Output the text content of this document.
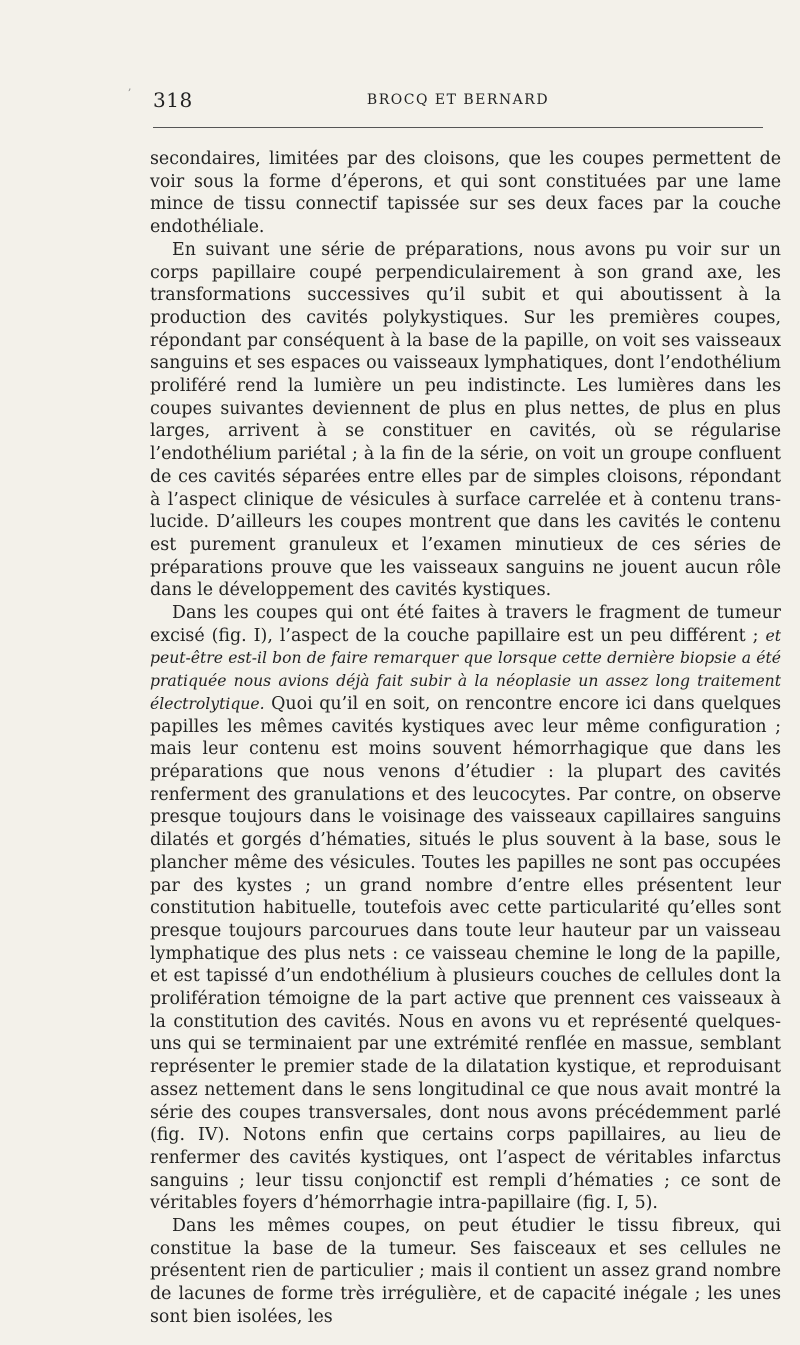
318	BROCQ ET BERNARD

secondaires, limitées par des cloisons, que les coupes permettent de voir sous la forme d’éperons, et qui sont constituées par une lame mince de tissu connectif tapissée sur ses deux faces par la couche endothéliale.

En suivant une série de préparations, nous avons pu voir sur un corps papillaire coupé perpendiculairement à son grand axe, les transformations successives qu’il subit et qui aboutissent à la production des cavités polykystiques. Sur les premières coupes, répondant par conséquent à la base de la papille, on voit ses vaisseaux sanguins et ses espaces ou vaisseaux lymphatiques, dont l’endothélium proliféré rend la lumière un peu indistincte. Les lumières dans les coupes suivantes deviennent de plus en plus nettes, de plus en plus larges, arrivent à se constituer en cavités, où se régularise l’endothélium pariétal ; à la fin de la série, on voit un groupe confluent de ces cavités séparées entre elles par de simples cloisons, répondant à l’aspect clinique de vésicules à surface carrelée et à contenu translucide. D’ailleurs les coupes montrent que dans les cavités le contenu est purement granuleux et l’examen minutieux de ces séries de préparations prouve que les vaisseaux sanguins ne jouent aucun rôle dans le développement des cavités kystiques.

Dans les coupes qui ont été faites à travers le fragment de tumeur excisé (fig. I), l’aspect de la couche papillaire est un peu différent ; et peut-être est-il bon de faire remarquer que lorsque cette dernière biopsie a été pratiquée nous avions déjà fait subir à la néoplasie un assez long traitement électrolytique. Quoi qu’il en soit, on rencontre encore ici dans quelques papilles les mêmes cavités kystiques avec leur même configuration ; mais leur contenu est moins souvent hémorrhagique que dans les préparations que nous venons d’étudier : la plupart des cavités renferment des granulations et des leucocytes. Par contre, on observe presque toujours dans le voisinage des vaisseaux capillaires sanguins dilatés et gorgés d’hématies, situés le plus souvent à la base, sous le plancher même des vésicules. Toutes les papilles ne sont pas occupées par des kystes ; un grand nombre d’entre elles présentent leur constitution habituelle, toutefois avec cette particularité qu’elles sont presque toujours parcourues dans toute leur hauteur par un vaisseau lymphatique des plus nets : ce vaisseau chemine le long de la papille, et est tapissé d’un endothélium à plusieurs couches de cellules dont la prolifération témoigne de la part active que prennent ces vaisseaux à la constitution des cavités. Nous en avons vu et représenté quelques-uns qui se terminaient par une extrémité renflée en massue, semblant représenter le premier stade de la dilatation kystique, et reproduisant assez nettement dans le sens longitudinal ce que nous avait montré la série des coupes transversales, dont nous avons précédemment parlé (fig. IV). Notons enfin que certains corps papillaires, au lieu de renfermer des cavités kystiques, ont l’aspect de véritables infarctus sanguins ; leur tissu conjonctif est rempli d’hématies ; ce sont de véritables foyers d’hémorrhagie intra-papillaire (fig. I, 5).

Dans les mêmes coupes, on peut étudier le tissu fibreux, qui constitue la base de la tumeur. Ses faisceaux et ses cellules ne présentent rien de particulier ; mais il contient un assez grand nombre de lacunes de forme très irrégulière, et de capacité inégale ; les unes sont bien isolées, les

,
